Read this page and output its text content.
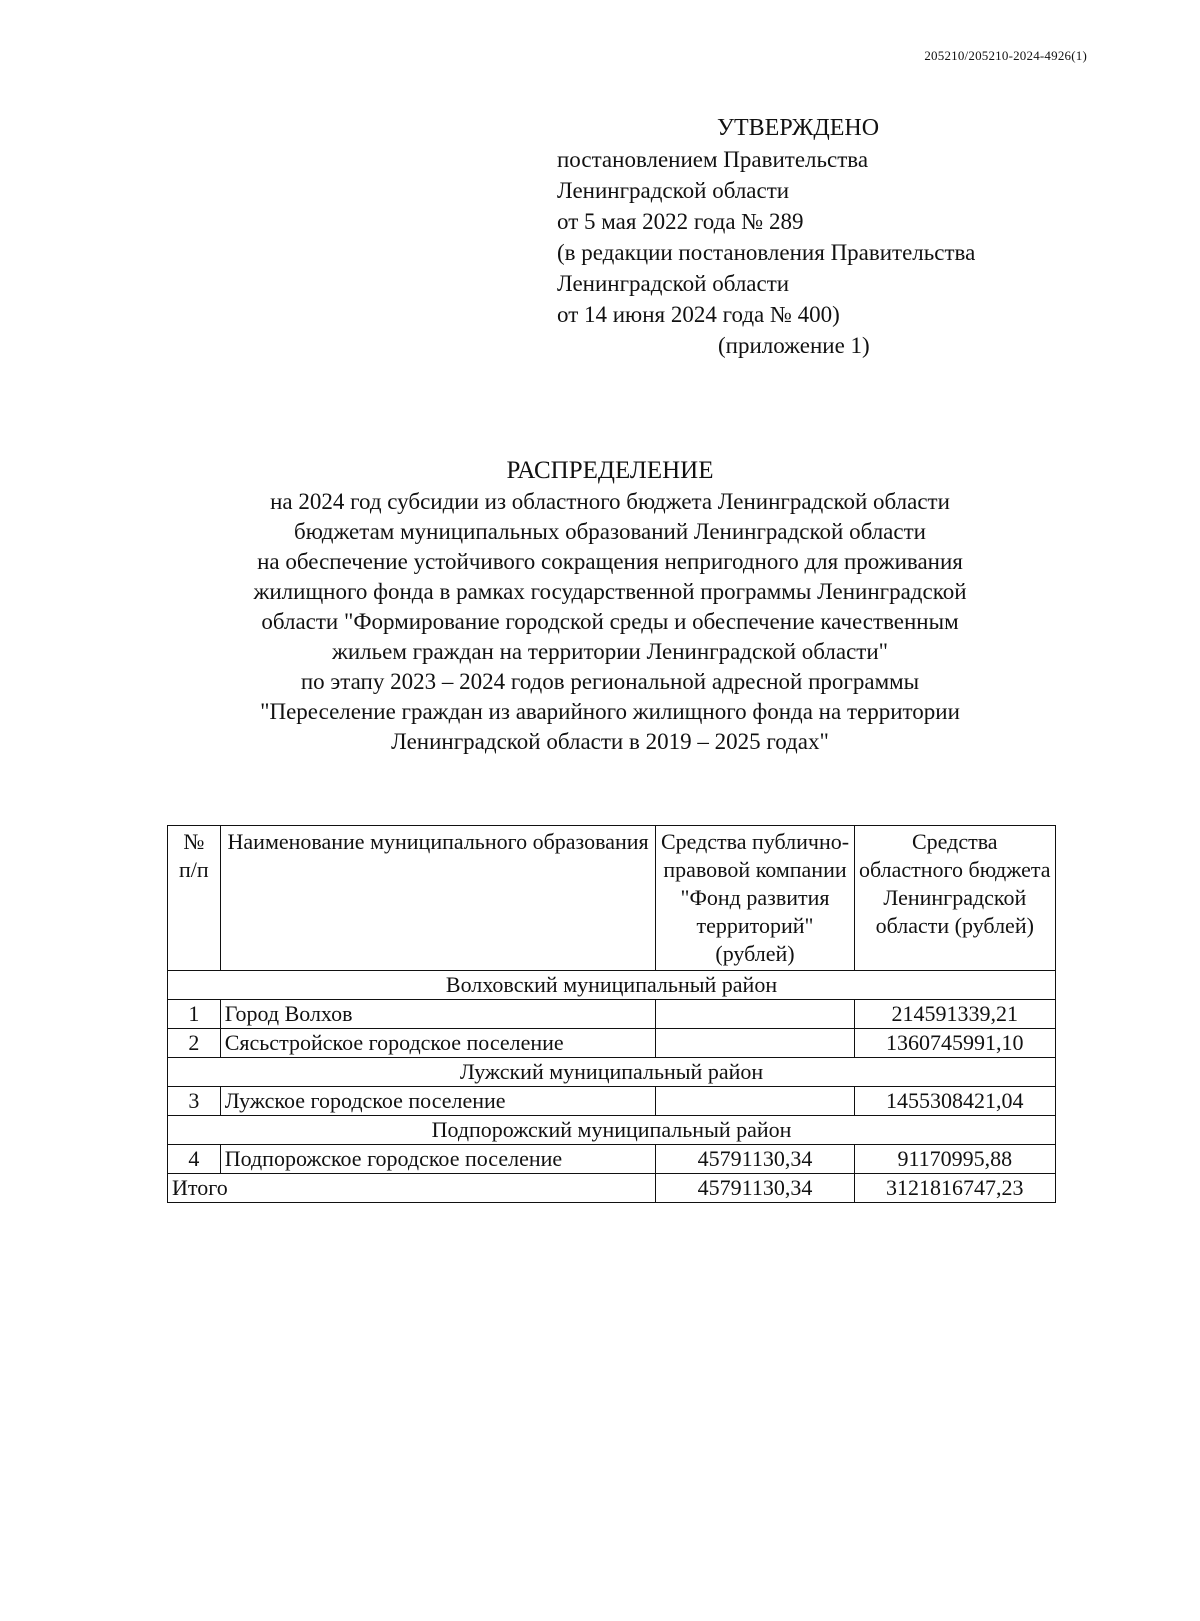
205210/205210-2024-4926(1)
УТВЕРЖДЕНО
постановлением Правительства
Ленинградской области
от 5 мая 2022 года № 289
(в редакции постановления Правительства
Ленинградской области
от 14 июня 2024 года № 400)
(приложение 1)
РАСПРЕДЕЛЕНИЕ
на 2024 год субсидии из областного бюджета Ленинградской области
бюджетам муниципальных образований Ленинградской области
на обеспечение устойчивого сокращения непригодного для проживания
жилищного фонда в рамках государственной программы Ленинградской
области "Формирование городской среды и обеспечение качественным
жильем граждан на территории Ленинградской области"
по этапу 2023 – 2024 годов региональной адресной программы
"Переселение граждан из аварийного жилищного фонда на территории
Ленинградской области в 2019 – 2025 годах"
№ п/п	Наименование муниципального образования	Средства публично-правовой компании "Фонд развития территорий" (рублей)	Средства областного бюджета Ленинградской области (рублей)
Волховский муниципальный район			
1	Город Волхов		214591339,21
2	Сясьстройское городское поселение		1360745991,10
Лужский муниципальный район			
3	Лужское городское поселение		1455308421,04
Подпорожский муниципальный район			
4	Подпорожское городское поселение	45791130,34	91170995,88
Итого		45791130,34	3121816747,23
